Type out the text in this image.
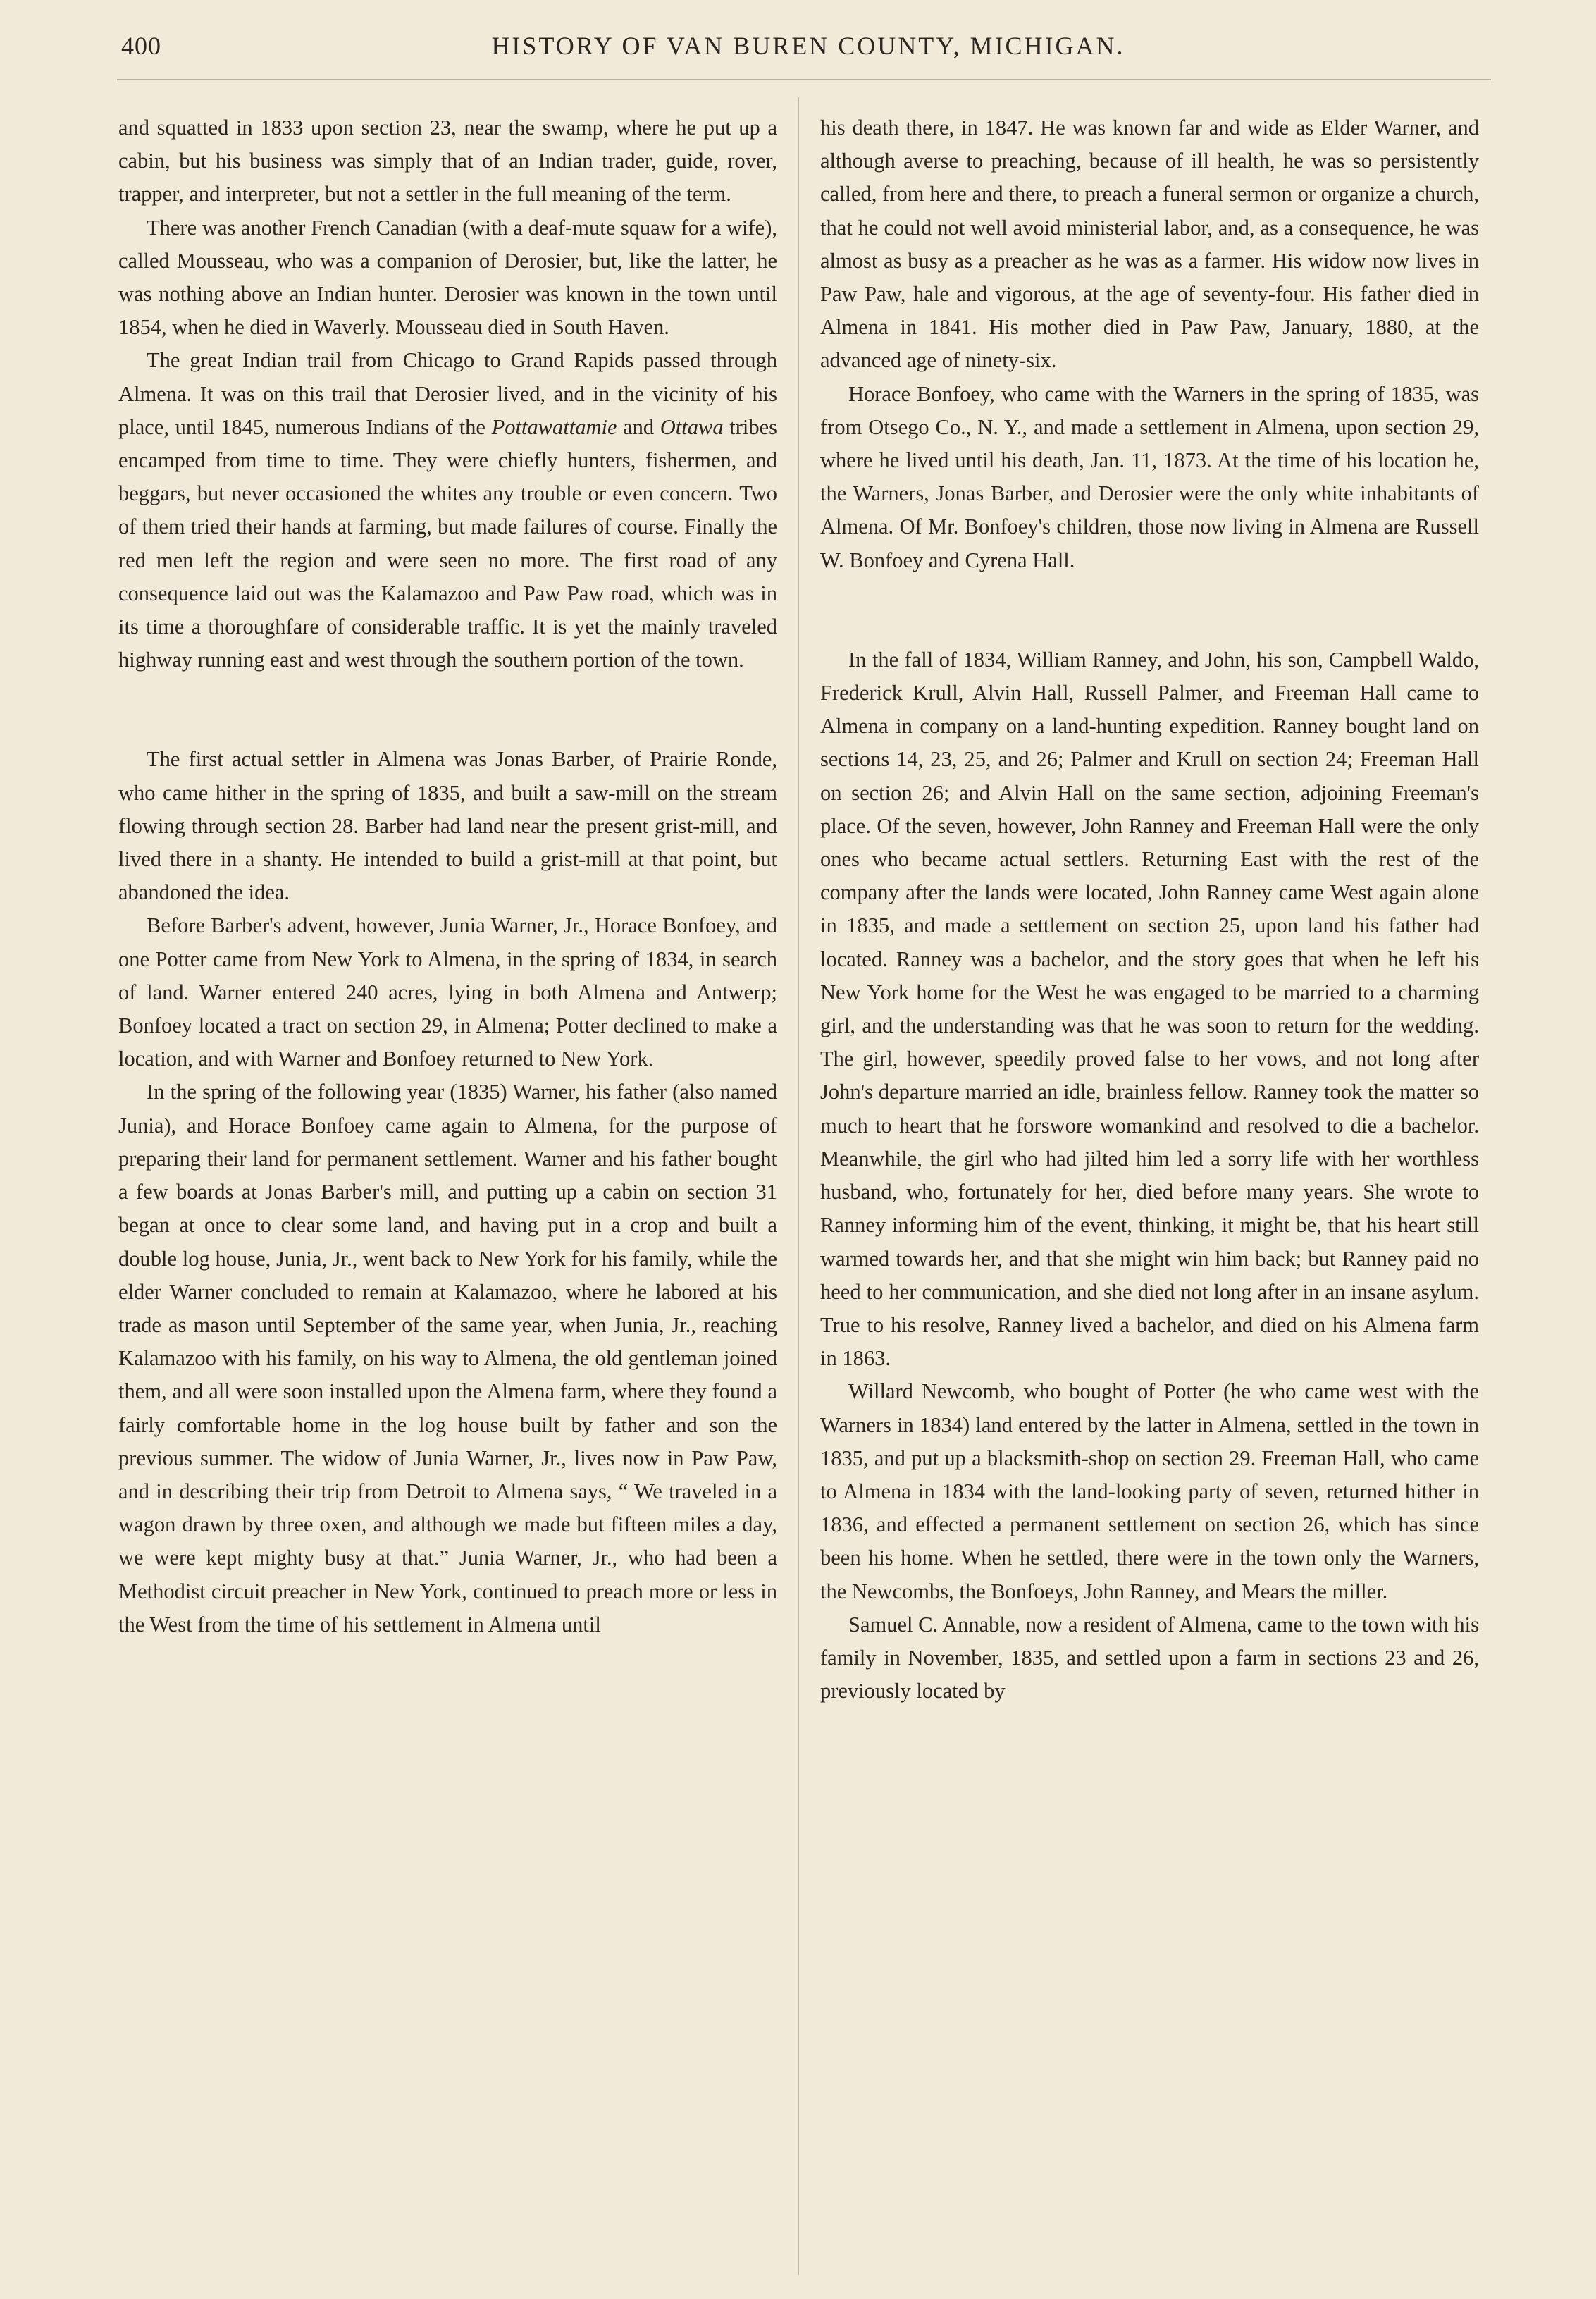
400	HISTORY OF VAN BUREN COUNTY, MICHIGAN.

and squatted in 1833 upon section 23, near the swamp, where he put up a cabin, but his business was simply that of an Indian trader, guide, rover, trapper, and interpreter, but not a settler in the full meaning of the term.

There was another French Canadian (with a deaf-mute squaw for a wife), called Mousseau, who was a companion of Derosier, but, like the latter, he was nothing above an Indian hunter. Derosier was known in the town until 1854, when he died in Waverly. Mousseau died in South Haven.

The great Indian trail from Chicago to Grand Rapids passed through Almena. It was on this trail that Derosier lived, and in the vicinity of his place, until 1845, numerous Indians of the Pottawattamie and Ottawa tribes encamped from time to time. They were chiefly hunters, fishermen, and beggars, but never occasioned the whites any trouble or even concern. Two of them tried their hands at farming, but made failures of course. Finally the red men left the region and were seen no more. The first road of any consequence laid out was the Kalamazoo and Paw Paw road, which was in its time a thoroughfare of considerable traffic. It is yet the mainly traveled highway running east and west through the southern portion of the town.

The first actual settler in Almena was Jonas Barber, of Prairie Ronde, who came hither in the spring of 1835, and built a saw-mill on the stream flowing through section 28. Barber had land near the present grist-mill, and lived there in a shanty. He intended to build a grist-mill at that point, but abandoned the idea.

Before Barber's advent, however, Junia Warner, Jr., Horace Bonfoey, and one Potter came from New York to Almena, in the spring of 1834, in search of land. Warner entered 240 acres, lying in both Almena and Antwerp; Bonfoey located a tract on section 29, in Almena; Potter declined to make a location, and with Warner and Bonfoey returned to New York.

In the spring of the following year (1835) Warner, his father (also named Junia), and Horace Bonfoey came again to Almena, for the purpose of preparing their land for permanent settlement. Warner and his father bought a few boards at Jonas Barber's mill, and putting up a cabin on section 31 began at once to clear some land, and having put in a crop and built a double log house, Junia, Jr., went back to New York for his family, while the elder Warner concluded to remain at Kalamazoo, where he labored at his trade as mason until September of the same year, when Junia, Jr., reaching Kalamazoo with his family, on his way to Almena, the old gentleman joined them, and all were soon installed upon the Almena farm, where they found a fairly comfortable home in the log house built by father and son the previous summer. The widow of Junia Warner, Jr., lives now in Paw Paw, and in describing their trip from Detroit to Almena says, “ We traveled in a wagon drawn by three oxen, and although we made but fifteen miles a day, we were kept mighty busy at that.” Junia Warner, Jr., who had been a Methodist circuit preacher in New York, continued to preach more or less in the West from the time of his settlement in Almena until

his death there, in 1847. He was known far and wide as Elder Warner, and although averse to preaching, because of ill health, he was so persistently called, from here and there, to preach a funeral sermon or organize a church, that he could not well avoid ministerial labor, and, as a consequence, he was almost as busy as a preacher as he was as a farmer. His widow now lives in Paw Paw, hale and vigorous, at the age of seventy-four. His father died in Almena in 1841. His mother died in Paw Paw, January, 1880, at the advanced age of ninety-six.

Horace Bonfoey, who came with the Warners in the spring of 1835, was from Otsego Co., N. Y., and made a settlement in Almena, upon section 29, where he lived until his death, Jan. 11, 1873. At the time of his location he, the Warners, Jonas Barber, and Derosier were the only white inhabitants of Almena. Of Mr. Bonfoey's children, those now living in Almena are Russell W. Bonfoey and Cyrena Hall.

In the fall of 1834, William Ranney, and John, his son, Campbell Waldo, Frederick Krull, Alvin Hall, Russell Palmer, and Freeman Hall came to Almena in company on a land-hunting expedition. Ranney bought land on sections 14, 23, 25, and 26; Palmer and Krull on section 24; Freeman Hall on section 26; and Alvin Hall on the same section, adjoining Freeman's place. Of the seven, however, John Ranney and Freeman Hall were the only ones who became actual settlers. Returning East with the rest of the company after the lands were located, John Ranney came West again alone in 1835, and made a settlement on section 25, upon land his father had located. Ranney was a bachelor, and the story goes that when he left his New York home for the West he was engaged to be married to a charming girl, and the understanding was that he was soon to return for the wedding. The girl, however, speedily proved false to her vows, and not long after John's departure married an idle, brainless fellow. Ranney took the matter so much to heart that he forswore womankind and resolved to die a bachelor. Meanwhile, the girl who had jilted him led a sorry life with her worthless husband, who, fortunately for her, died before many years. She wrote to Ranney informing him of the event, thinking, it might be, that his heart still warmed towards her, and that she might win him back; but Ranney paid no heed to her communication, and she died not long after in an insane asylum. True to his resolve, Ranney lived a bachelor, and died on his Almena farm in 1863.

Willard Newcomb, who bought of Potter (he who came west with the Warners in 1834) land entered by the latter in Almena, settled in the town in 1835, and put up a blacksmith-shop on section 29. Freeman Hall, who came to Almena in 1834 with the land-looking party of seven, returned hither in 1836, and effected a permanent settlement on section 26, which has since been his home. When he settled, there were in the town only the Warners, the Newcombs, the Bonfoeys, John Ranney, and Mears the miller.

Samuel C. Annable, now a resident of Almena, came to the town with his family in November, 1835, and settled upon a farm in sections 23 and 26, previously located by
